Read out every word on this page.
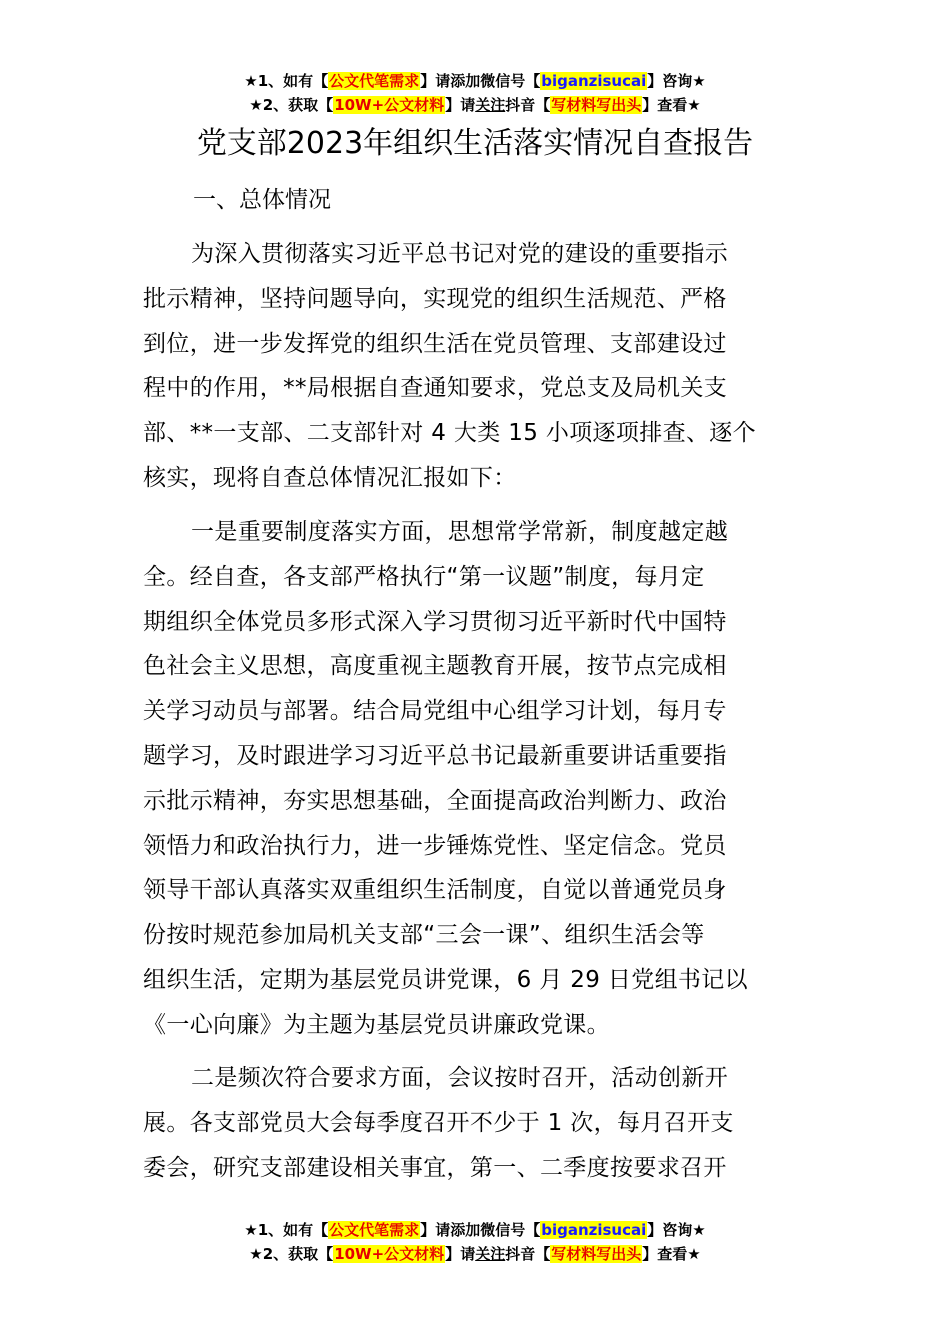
★1、如有【公文代笔需求】请添加微信号【biganzisucai】咨询★
★2、获取【10W+公文材料】请关注抖音【写材料写出头】查看★
党支部2023年组织生活落实情况自查报告
一、总体情况
为深入贯彻落实习近平总书记对党的建设的重要指示
批示精神，坚持问题导向，实现党的组织生活规范、严格
到位，进一步发挥党的组织生活在党员管理、支部建设过
程中的作用，**局根据自查通知要求，党总支及局机关支
部、**一支部、二支部针对 4 大类 15 小项逐项排查、逐个
核实，现将自查总体情况汇报如下：
一是重要制度落实方面，思想常学常新，制度越定越
全。经自查，各支部严格执行“第一议题”制度，每月定
期组织全体党员多形式深入学习贯彻习近平新时代中国特
色社会主义思想，高度重视主题教育开展，按节点完成相
关学习动员与部署。结合局党组中心组学习计划，每月专
题学习，及时跟进学习习近平总书记最新重要讲话重要指
示批示精神，夯实思想基础，全面提高政治判断力、政治
领悟力和政治执行力，进一步锤炼党性、坚定信念。党员
领导干部认真落实双重组织生活制度，自觉以普通党员身
份按时规范参加局机关支部“三会一课”、组织生活会等
组织生活，定期为基层党员讲党课，6 月 29 日党组书记以
《一心向廉》为主题为基层党员讲廉政党课。
二是频次符合要求方面，会议按时召开，活动创新开
展。各支部党员大会每季度召开不少于 1 次，每月召开支
委会，研究支部建设相关事宜，第一、二季度按要求召开
★1、如有【公文代笔需求】请添加微信号【biganzisucai】咨询★
★2、获取【10W+公文材料】请关注抖音【写材料写出头】查看★
